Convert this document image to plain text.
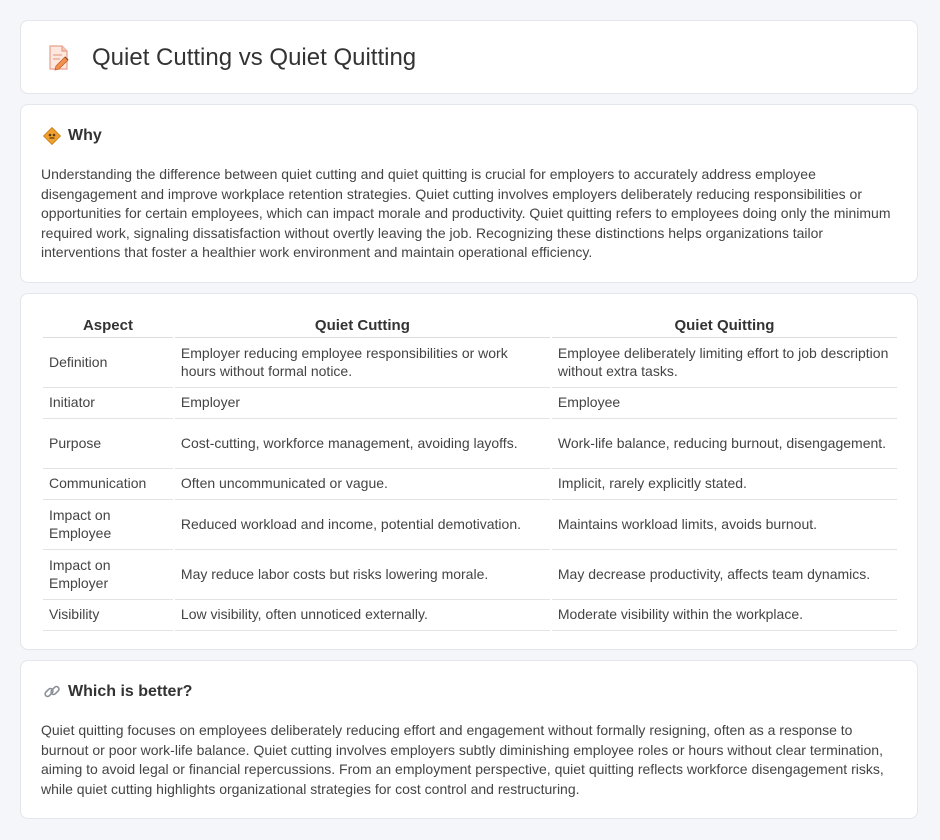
Quiet Cutting vs Quiet Quitting
Why

Understanding the difference between quiet cutting and quiet quitting is crucial for employers to accurately address employee disengagement and improve workplace retention strategies. Quiet cutting involves employers deliberately reducing responsibilities or opportunities for certain employees, which can impact morale and productivity. Quiet quitting refers to employees doing only the minimum required work, signaling dissatisfaction without overtly leaving the job. Recognizing these distinctions helps organizations tailor interventions that foster a healthier work environment and maintain operational efficiency.

Aspect	Quiet Cutting	Quiet Quitting
Definition	Employer reducing employee responsibilities or work hours without formal notice.	Employee deliberately limiting effort to job description without extra tasks.
Initiator	Employer	Employee
Purpose	Cost-cutting, workforce management, avoiding layoffs.	Work-life balance, reducing burnout, disengagement.
Communication	Often uncommunicated or vague.	Implicit, rarely explicitly stated.
Impact on Employee	Reduced workload and income, potential demotivation.	Maintains workload limits, avoids burnout.
Impact on Employer	May reduce labor costs but risks lowering morale.	May decrease productivity, affects team dynamics.
Visibility	Low visibility, often unnoticed externally.	Moderate visibility within the workplace.
Which is better?

Quiet quitting focuses on employees deliberately reducing effort and engagement without formally resigning, often as a response to burnout or poor work-life balance. Quiet cutting involves employers subtly diminishing employee roles or hours without clear termination, aiming to avoid legal or financial repercussions. From an employment perspective, quiet quitting reflects workforce disengagement risks, while quiet cutting highlights organizational strategies for cost control and restructuring.
